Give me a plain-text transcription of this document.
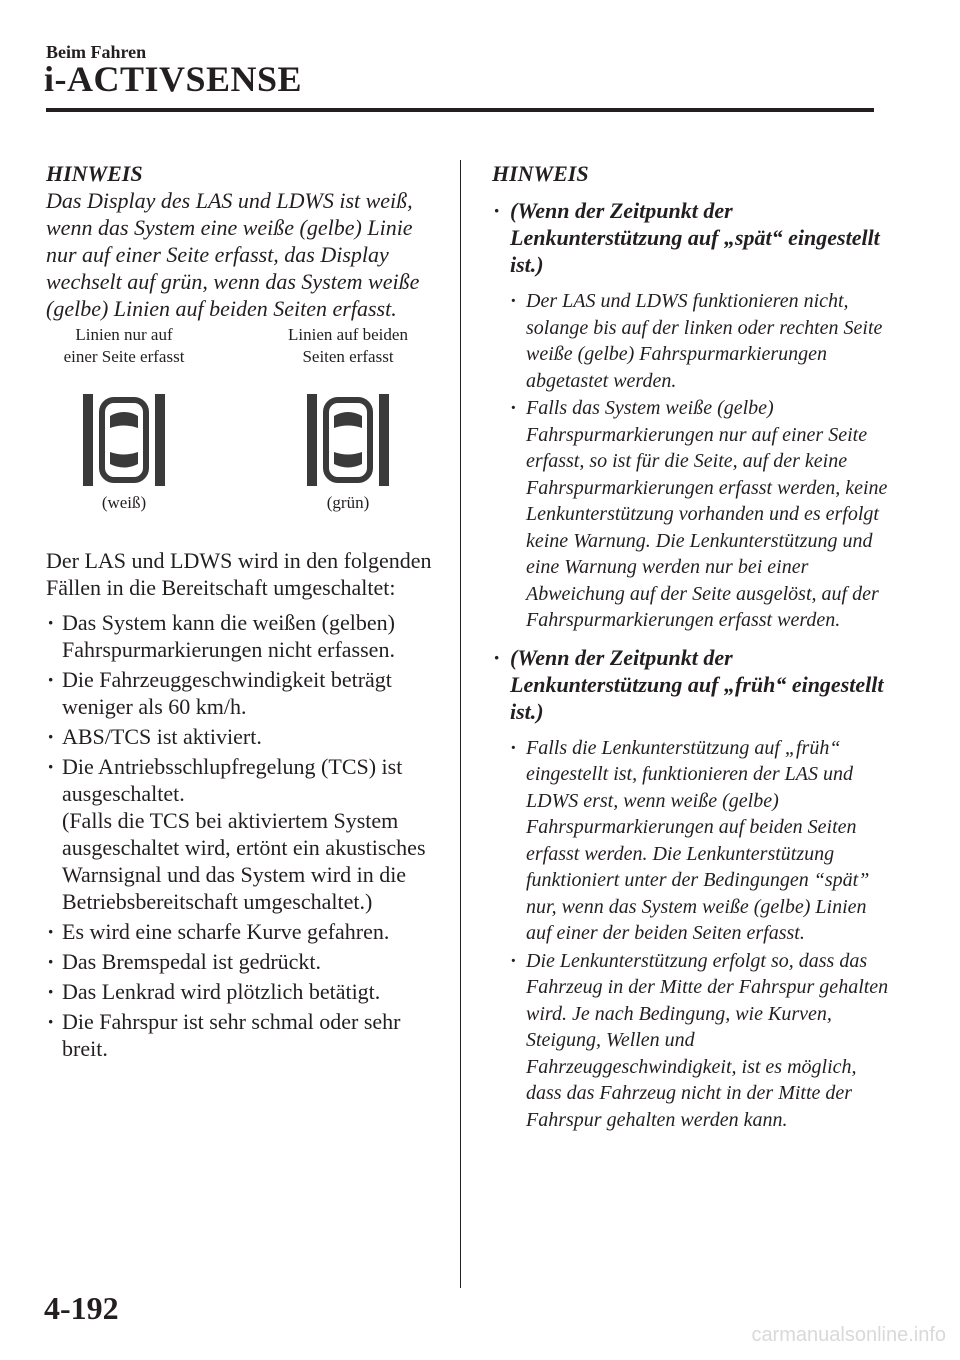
Beim Fahren
i-ACTIVSENSE
HINWEIS

Das Display des LAS und LDWS ist weiß, wenn das System eine weiße (gelbe) Linie nur auf einer Seite erfasst, das Display wechselt auf grün, wenn das System weiße (gelbe) Linien auf beiden Seiten erfasst.

Linien nur auf
einer Seite erfasst
(weiß)
Linien auf beiden
Seiten erfasst
(grün)

Der LAS und LDWS wird in den folgenden Fällen in die Bereitschaft umgeschaltet:

· Das System kann die weißen (gelben) Fahrspurmarkierungen nicht erfassen.
· Die Fahrzeuggeschwindigkeit beträgt weniger als 60 km/h.
· ABS/TCS ist aktiviert.
· Die Antriebsschlupfregelung (TCS) ist ausgeschaltet.
(Falls die TCS bei aktiviertem System ausgeschaltet wird, ertönt ein akustisches Warnsignal und das System wird in die Betriebsbereitschaft umgeschaltet.)
· Es wird eine scharfe Kurve gefahren.
· Das Bremspedal ist gedrückt.
· Das Lenkrad wird plötzlich betätigt.
· Die Fahrspur ist sehr schmal oder sehr breit.
HINWEIS
· (Wenn der Zeitpunkt der Lenkunterstützung auf „spät“ eingestellt ist.)
· Der LAS und LDWS funktionieren nicht, solange bis auf der linken oder rechten Seite weiße (gelbe) Fahrspurmarkierungen abgetastet werden.
· Falls das System weiße (gelbe) Fahrspurmarkierungen nur auf einer Seite erfasst, so ist für die Seite, auf der keine Fahrspurmarkierungen erfasst werden, keine Lenkunterstützung vorhanden und es erfolgt keine Warnung. Die Lenkunterstützung und eine Warnung werden nur bei einer Abweichung auf der Seite ausgelöst, auf der Fahrspurmarkierungen erfasst werden.
· (Wenn der Zeitpunkt der Lenkunterstützung auf „früh“ eingestellt ist.)
· Falls die Lenkunterstützung auf „früh“ eingestellt ist, funktionieren der LAS und LDWS erst, wenn weiße (gelbe) Fahrspurmarkierungen auf beiden Seiten erfasst werden. Die Lenkunterstützung funktioniert unter der Bedingungen “spät” nur, wenn das System weiße (gelbe) Linien auf einer der beiden Seiten erfasst.
· Die Lenkunterstützung erfolgt so, dass das Fahrzeug in der Mitte der Fahrspur gehalten wird. Je nach Bedingung, wie Kurven, Steigung, Wellen und Fahrzeuggeschwindigkeit, ist es möglich, dass das Fahrzeug nicht in der Mitte der Fahrspur gehalten werden kann.
4-192
carmanualsonline.info
